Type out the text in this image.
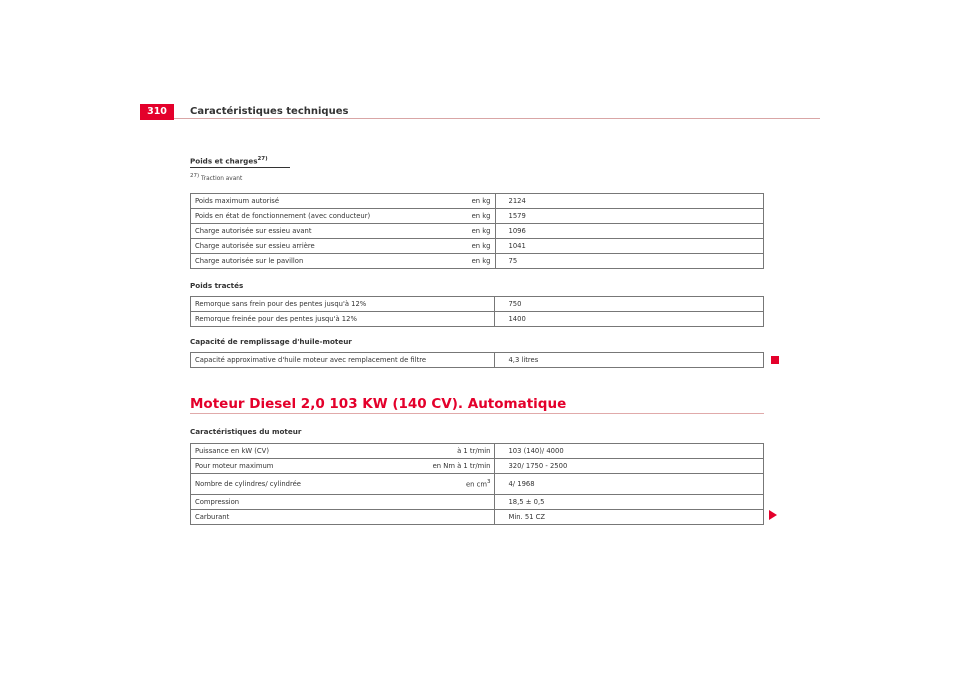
310	Caractéristiques techniques
Poids et charges$^{27)}$
27) Traction avant
Poids maximum autorisé	en kg	2124
Poids en état de fonctionnement (avec conducteur)	en kg	1579
Charge autorisée sur essieu avant	en kg	1096
Charge autorisée sur essieu arrière	en kg	1041
Charge autorisée sur le pavillon	en kg	75
Poids tractés
Remorque sans frein pour des pentes jusqu'à 12%	750
Remorque freinée pour des pentes jusqu'à 12%	1400
Capacité de remplissage d'huile-moteur
Capacité approximative d'huile moteur avec remplacement de filtre	4,3 litres
Moteur Diesel 2,0 103 KW (140 CV). Automatique
Caractéristiques du moteur
Puissance en kW (CV)	à 1 tr/min	103 (140)/ 4000
Pour moteur maximum	en Nm à 1 tr/min	320/ 1750 - 2500
Nombre de cylindres/ cylindrée	en $cm^3$	4/ 1968
Compression		18,5 ± 0,5
Carburant		Min. 51 CZ
